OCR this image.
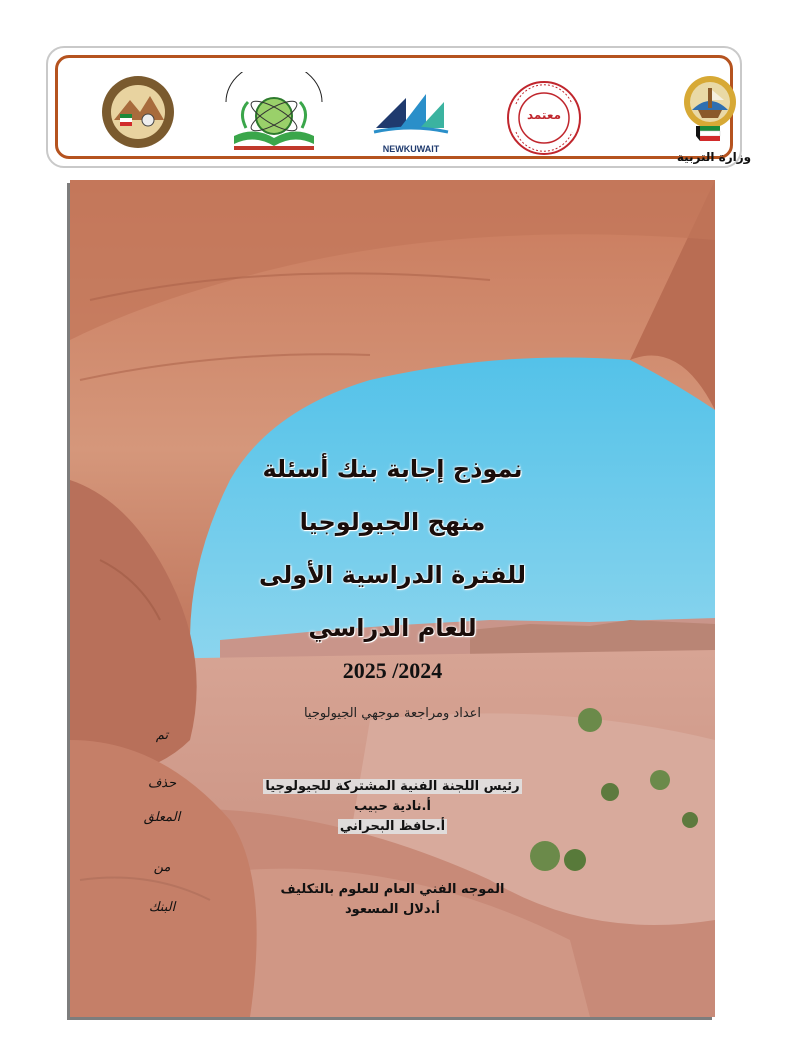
وزارة التربية
معتمد
NEWKUWAIT
نموذج إجابة بنك أسئلة
منهج الجيولوجيا
للفترة الدراسية الأولى
للعام الدراسي
2025 /2024
اعداد ومراجعة موجهي الجيولوجيا
رئيس اللجنة الفنية المشتركة للجيولوجيا
أ.نادية حبيب
أ.حافظ البحراني
الموجه الفني العام للعلوم بالتكليف
أ.دلال المسعود
تم
حذف
المعلق
من
البنك
